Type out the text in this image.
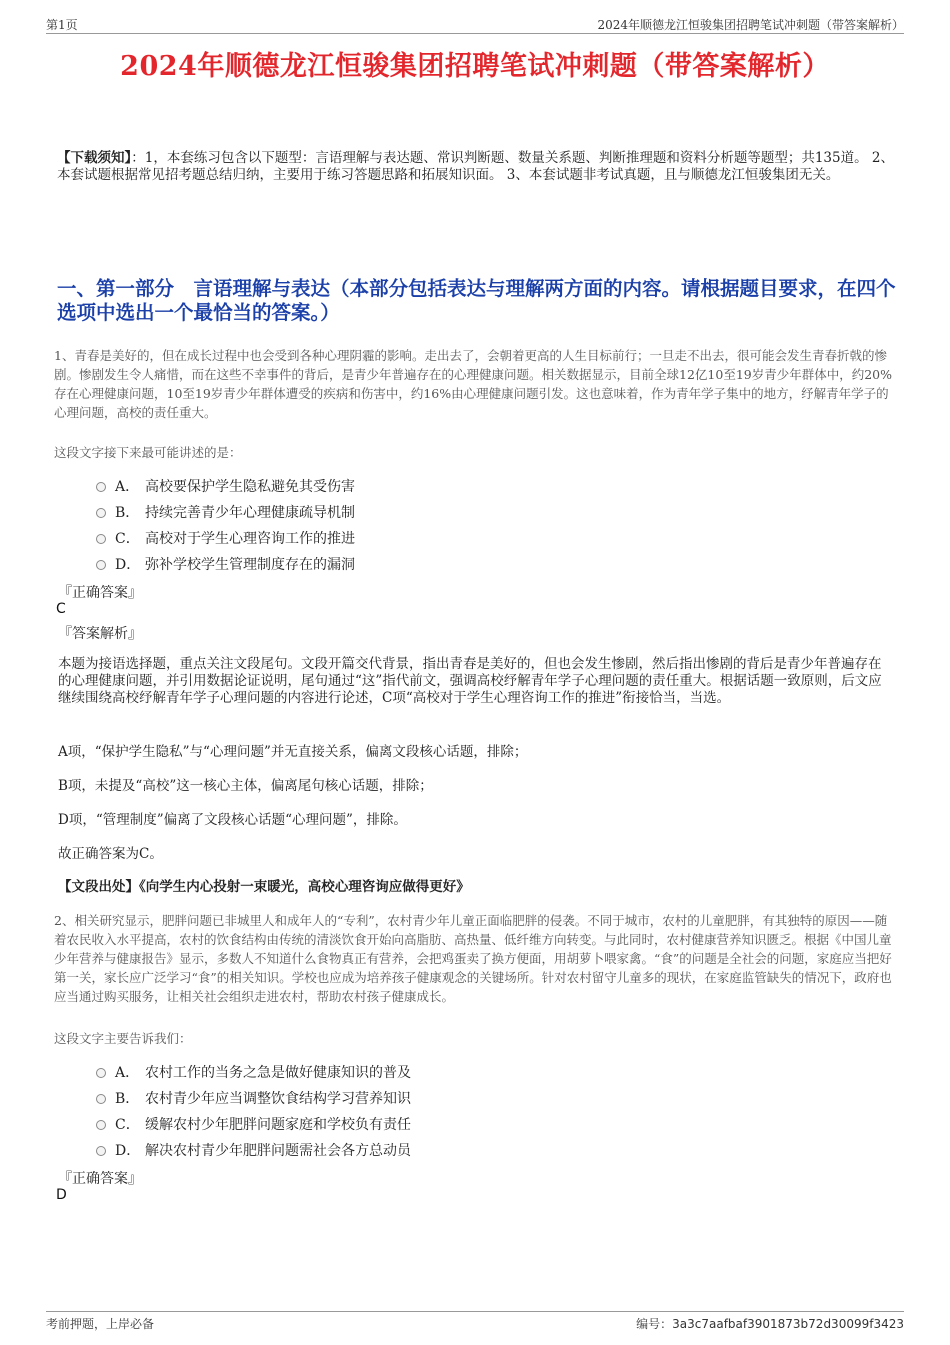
第1页	2024年顺德龙江恒骏集团招聘笔试冲刺题（带答案解析）
2024年顺德龙江恒骏集团招聘笔试冲刺题（带答案解析）
【下载须知】：1，本套练习包含以下题型：言语理解与表达题、常识判断题、数量关系题、判断推理题和资料分析题等题型；共135道。 2、本套试题根据常见招考题总结归纳，主要用于练习答题思路和拓展知识面。 3、本套试题非考试真题，且与顺德龙江恒骏集团无关。
一、第一部分　言语理解与表达（本部分包括表达与理解两方面的内容。请根据题目要求，在四个选项中选出一个最恰当的答案。）

1、青春是美好的，但在成长过程中也会受到各种心理阴霾的影响。走出去了，会朝着更高的人生目标前行；一旦走不出去，很可能会发生青春折戟的惨剧。惨剧发生令人痛惜，而在这些不幸事件的背后，是青少年普遍存在的心理健康问题。相关数据显示，目前全球12亿10至19岁青少年群体中，约20%存在心理健康问题，10至19岁青少年群体遭受的疾病和伤害中，约16%由心理健康问题引发。这也意味着，作为青年学子集中的地方，纾解青年学子的心理问题，高校的责任重大。

这段文字接下来最可能讲述的是：

A． 高校要保护学生隐私避免其受伤害
B． 持续完善青少年心理健康疏导机制
C． 高校对于学生心理咨询工作的推进
D． 弥补学校学生管理制度存在的漏洞

『正确答案』

C

『答案解析』

本题为接语选择题，重点关注文段尾句。文段开篇交代背景，指出青春是美好的，但也会发生惨剧，然后指出惨剧的背后是青少年普遍存在的心理健康问题，并引用数据论证说明，尾句通过“这”指代前文，强调高校纾解青年学子心理问题的责任重大。根据话题一致原则，后文应继续围绕高校纾解青年学子心理问题的内容进行论述，C项“高校对于学生心理咨询工作的推进”衔接恰当，当选。

A项，“保护学生隐私”与“心理问题”并无直接关系，偏离文段核心话题，排除；

B项，未提及“高校”这一核心主体，偏离尾句核心话题，排除；

D项，“管理制度”偏离了文段核心话题“心理问题”，排除。

故正确答案为C。

【文段出处】《向学生内心投射一束暖光，高校心理咨询应做得更好》

2、相关研究显示，肥胖问题已非城里人和成年人的“专利”，农村青少年儿童正面临肥胖的侵袭。不同于城市，农村的儿童肥胖，有其独特的原因——随着农民收入水平提高，农村的饮食结构由传统的清淡饮食开始向高脂肪、高热量、低纤维方向转变。与此同时，农村健康营养知识匮乏。根据《中国儿童少年营养与健康报告》显示，多数人不知道什么食物真正有营养，会把鸡蛋卖了换方便面，用胡萝卜喂家禽。“食”的问题是全社会的问题，家庭应当把好第一关，家长应广泛学习“食”的相关知识。学校也应成为培养孩子健康观念的关键场所。针对农村留守儿童多的现状，在家庭监管缺失的情况下，政府也应当通过购买服务，让相关社会组织走进农村，帮助农村孩子健康成长。

这段文字主要告诉我们：

A． 农村工作的当务之急是做好健康知识的普及
B． 农村青少年应当调整饮食结构学习营养知识
C． 缓解农村少年肥胖问题家庭和学校负有责任
D． 解决农村青少年肥胖问题需社会各方总动员

『正确答案』

D

考前押题，上岸必备	编号：3a3c7aafbaf3901873b72d30099f3423
